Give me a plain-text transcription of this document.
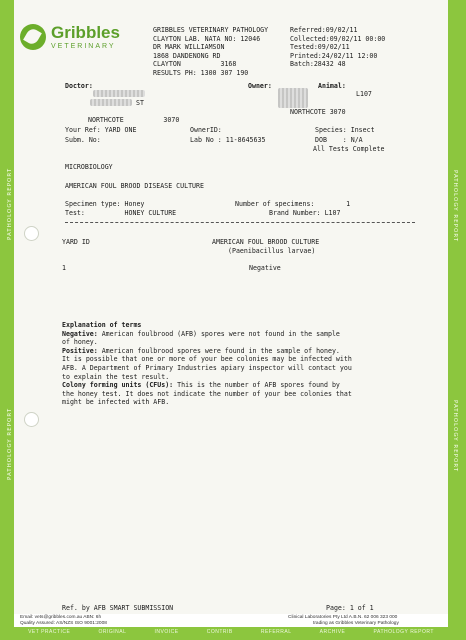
PATHOLOGY REPORT
PATHOLOGY REPORT
PATHOLOGY REPORT
PATHOLOGY REPORT
Gribbles
VETERINARY
GRIBBLES VETERINARY PATHOLOGY
CLAYTON LAB. NATA NO: 12046
DR MARK WILLIAMSON
1868 DANDENONG RD
CLAYTON          3168
RESULTS PH: 1300 307 190
Referred:09/02/11
Collected:09/02/11 00:00
Tested:09/02/11
Printed:24/02/11 12:00
Batch:28432 48
Doctor:	Owner:	Animal:
ST
L107
NORTHCOTE 3070
NORTHCOTE          3070
Your Ref: YARD ONE	OwnerID:	Species: Insect
Subm. No:	Lab No : 11-8645635	DOB    : N/A
All Tests Complete
MICROBIOLOGY
AMERICAN FOUL BROOD DISEASE CULTURE
Specimen type: Honey	Number of specimens:        1
Test:          HONEY CULTURE	Brand Number: L107
YARD ID	AMERICAN FOUL BROOD CULTURE
(Paenibacillus larvae)
1	Negative
Explanation of terms
Negative: American foulbrood (AFB) spores were not found in the sample
of honey.
Positive: American foulbrood spores were found in the sample of honey.
It is possible that one or more of your bee colonies may be infected with
AFB. A Department of Primary Industries apiary inspector will contact you
to explain the test result.
Colony forming units (CFUs): This is the number of AFB spores found by
the honey test. It does not indicate the number of your bee colonies that
might be infected with AFB.
Ref. by AFB SMART SUBMISSION	Page: 1 of 1
Email: vets@gribbles.com.au ABN: 6h
Quality Assured: AS/NZS ISO 9001:2008
Clinical Laboratories Pty Ltd A.B.N. 62 006 323 000
trading as Gribbles Veterinary Pathology
VET PRACTICE	ORIGINAL	INVOICE	CONTRIB	REFERRAL	ARCHIVE	PATHOLOGY REPORT
